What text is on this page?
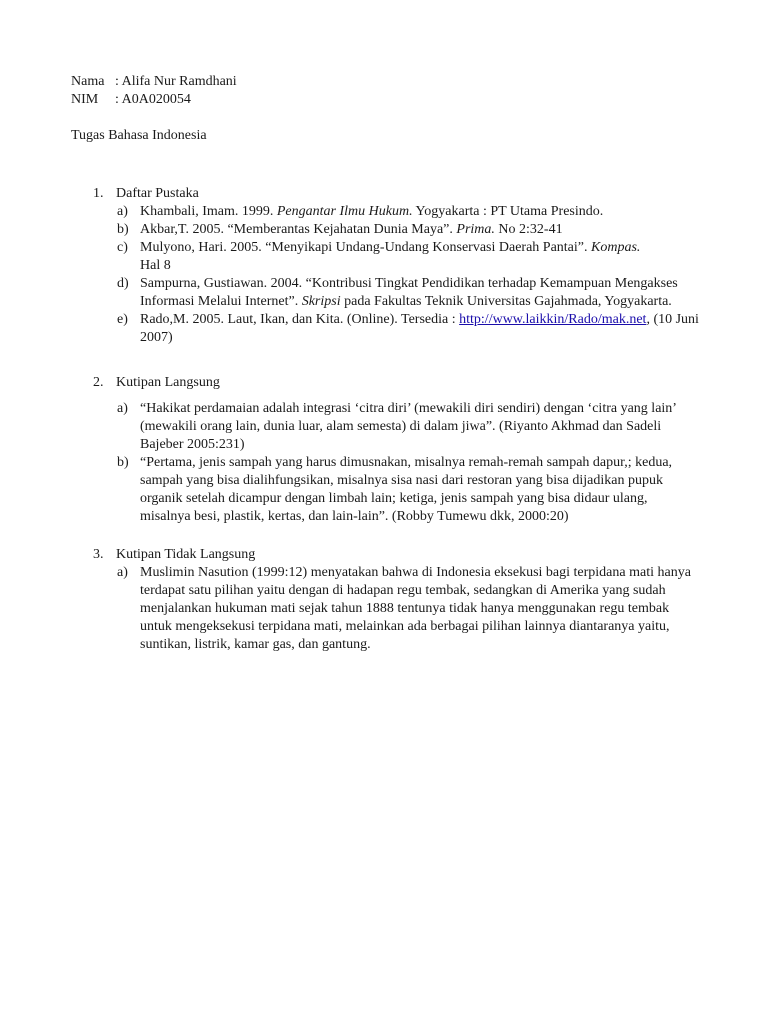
Nama : Alifa Nur Ramdhani
NIM : A0A020054
Tugas Bahasa Indonesia
1. Daftar Pustaka
a) Khambali, Imam. 1999. Pengantar Ilmu Hukum. Yogyakarta : PT Utama Presindo.
b) Akbar,T. 2005. “Memberantas Kejahatan Dunia Maya”. Prima. No 2:32-41
c) Mulyono, Hari. 2005. “Menyikapi Undang-Undang Konservasi Daerah Pantai”. Kompas.
Hal 8
d) Sampurna, Gustiawan. 2004. “Kontribusi Tingkat Pendidikan terhadap Kemampuan Mengakses Informasi Melalui Internet”. Skripsi pada Fakultas Teknik Universitas Gajahmada, Yogyakarta.
e) Rado,M. 2005. Laut, Ikan, dan Kita. (Online). Tersedia : http://www.laikkin/Rado/mak.net, (10 Juni 2007)
2. Kutipan Langsung
a) “Hakikat perdamaian adalah integrasi ‘citra diri’ (mewakili diri sendiri) dengan ‘citra yang lain’ (mewakili orang lain, dunia luar, alam semesta) di dalam jiwa”. (Riyanto Akhmad dan Sadeli Bajeber 2005:231)
b) “Pertama, jenis sampah yang harus dimusnakan, misalnya remah-remah sampah dapur,; kedua, sampah yang bisa dialihfungsikan, misalnya sisa nasi dari restoran yang bisa dijadikan pupuk organik setelah dicampur dengan limbah lain; ketiga, jenis sampah yang bisa didaur ulang, misalnya besi, plastik, kertas, dan lain-lain”. (Robby Tumewu dkk, 2000:20)
3. Kutipan Tidak Langsung
a) Muslimin Nasution (1999:12) menyatakan bahwa di Indonesia eksekusi bagi terpidana mati hanya terdapat satu pilihan yaitu dengan di hadapan regu tembak, sedangkan di Amerika yang sudah menjalankan hukuman mati sejak tahun 1888 tentunya tidak hanya menggunakan regu tembak untuk mengeksekusi terpidana mati, melainkan ada berbagai pilihan lainnya diantaranya yaitu, suntikan, listrik, kamar gas, dan gantung.
